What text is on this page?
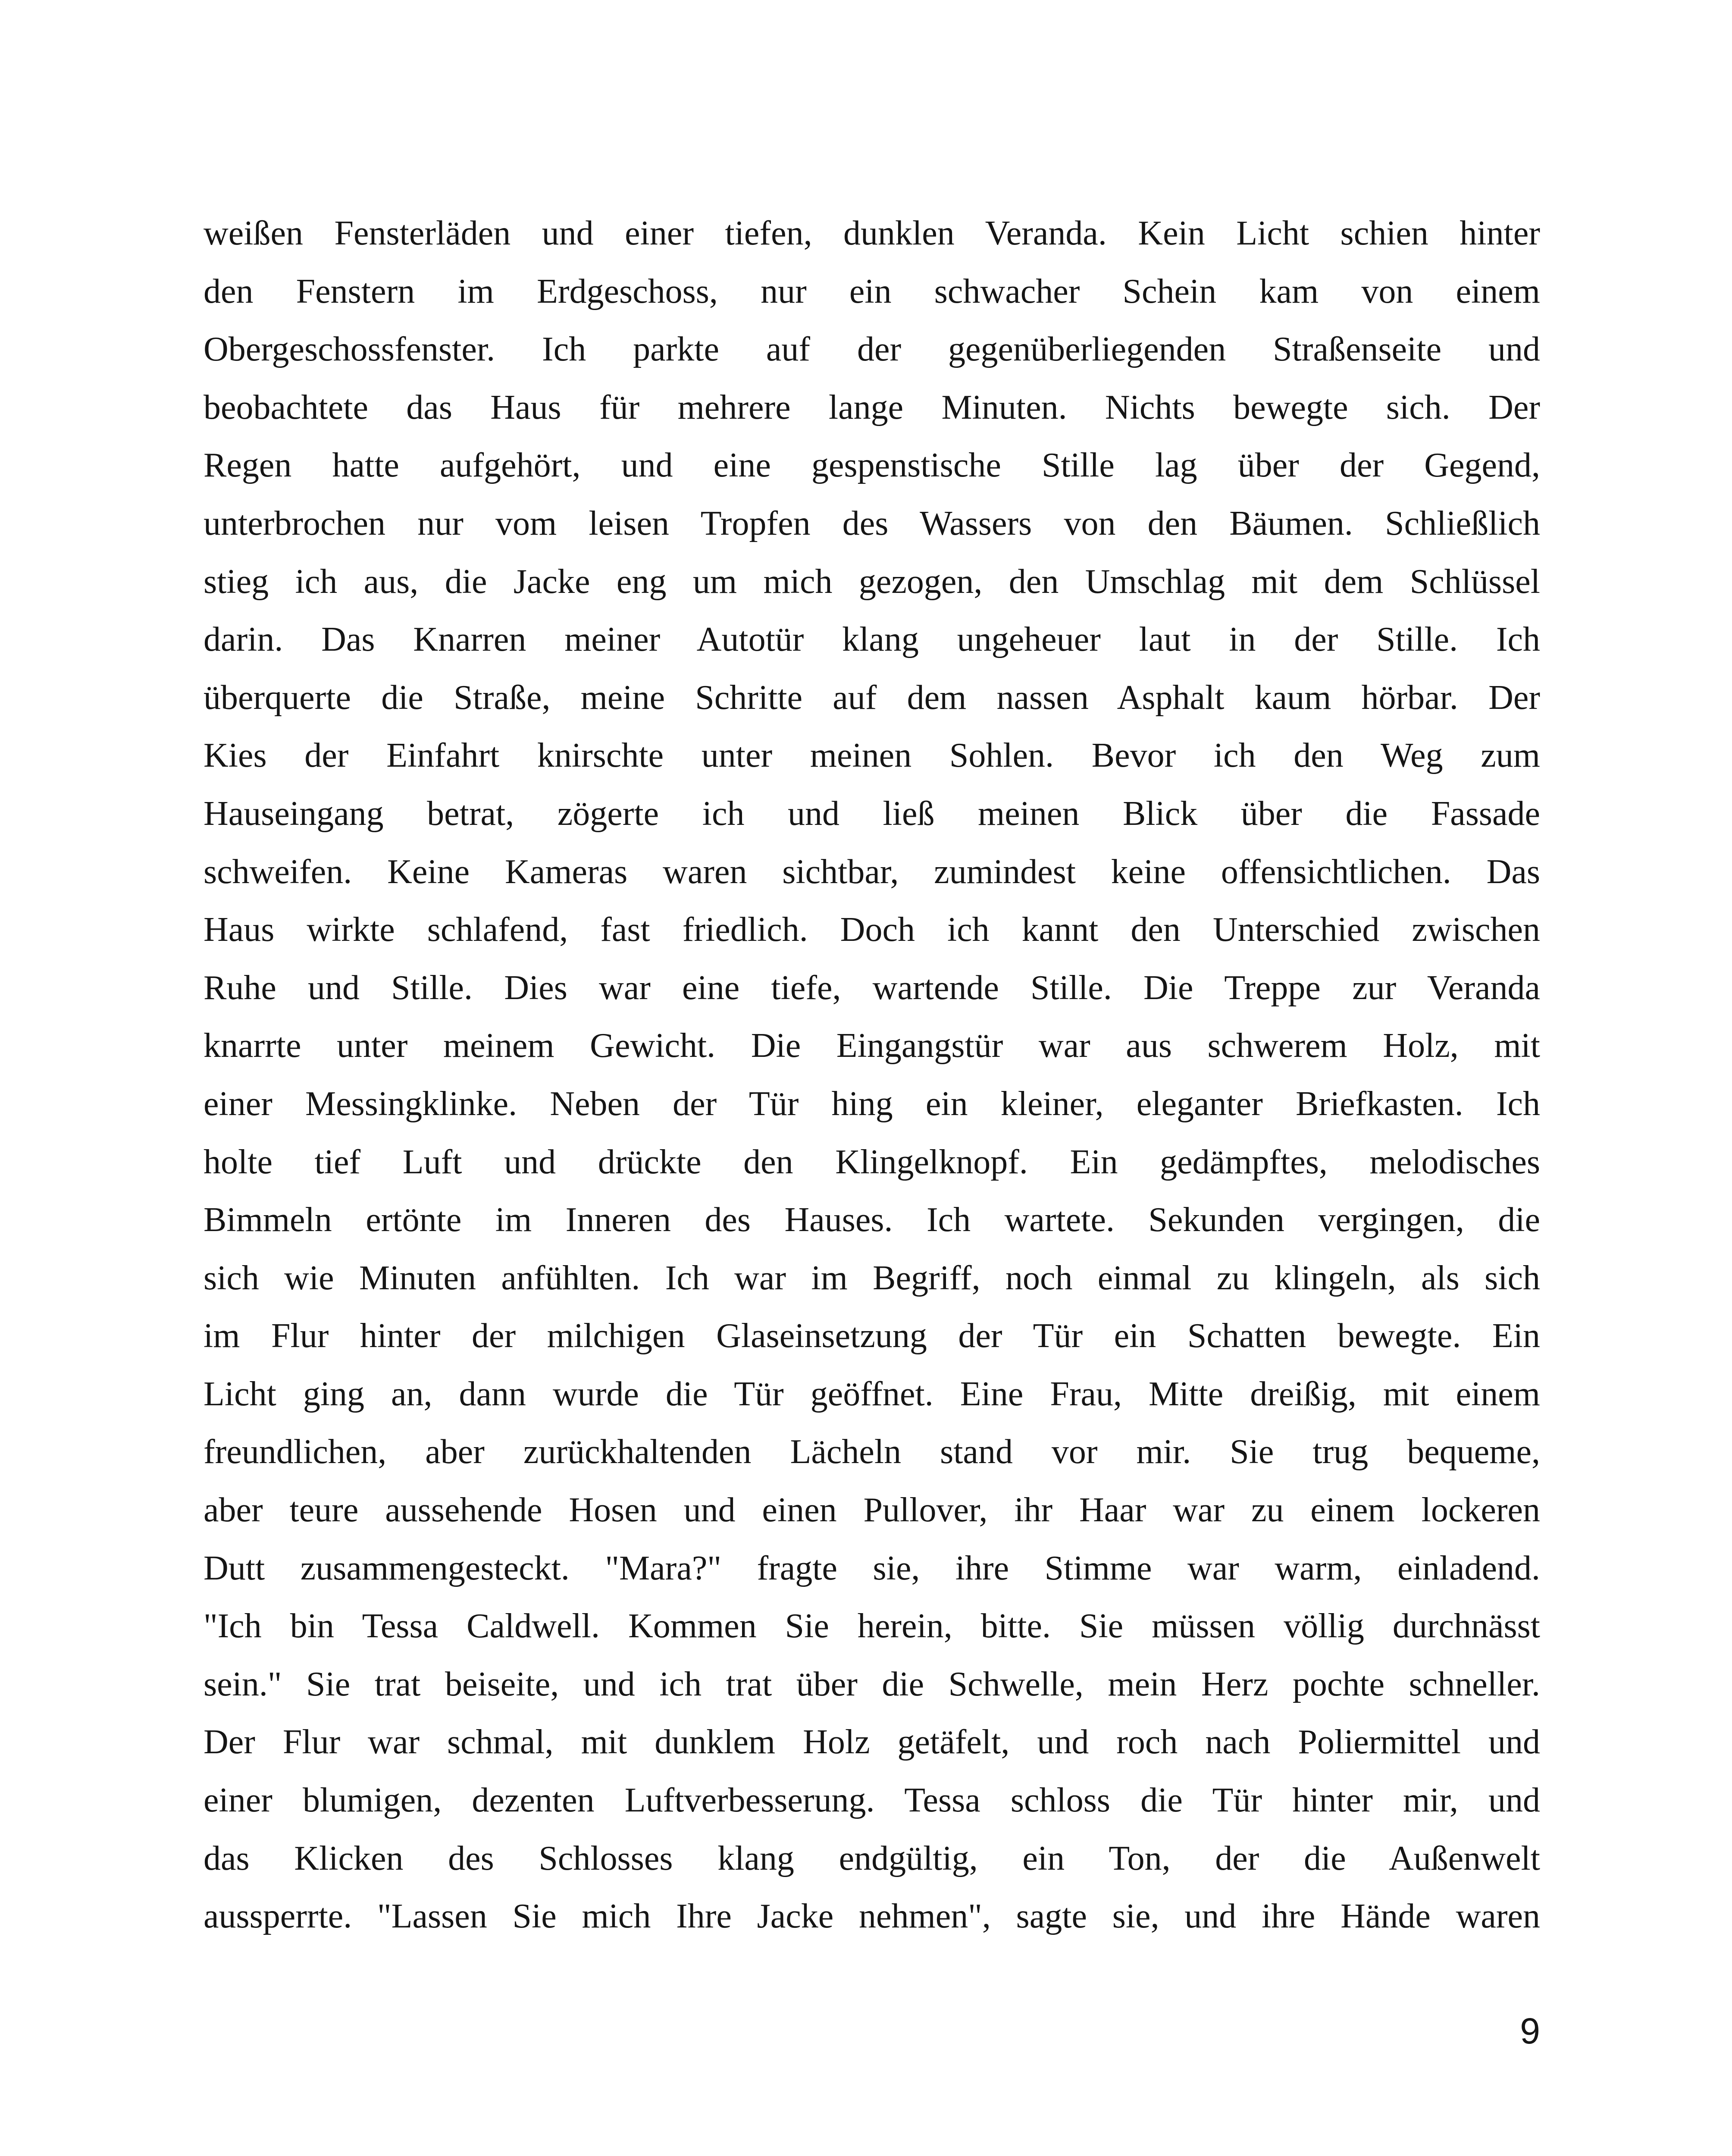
weißen Fensterläden und einer tiefen, dunklen Veranda. Kein Licht schien hinter
den Fenstern im Erdgeschoss, nur ein schwacher Schein kam von einem
Obergeschossfenster. Ich parkte auf der gegenüberliegenden Straßenseite und
beobachtete das Haus für mehrere lange Minuten. Nichts bewegte sich. Der
Regen hatte aufgehört, und eine gespenstische Stille lag über der Gegend,
unterbrochen nur vom leisen Tropfen des Wassers von den Bäumen. Schließlich
stieg ich aus, die Jacke eng um mich gezogen, den Umschlag mit dem Schlüssel
darin. Das Knarren meiner Autotür klang ungeheuer laut in der Stille. Ich
überquerte die Straße, meine Schritte auf dem nassen Asphalt kaum hörbar. Der
Kies der Einfahrt knirschte unter meinen Sohlen. Bevor ich den Weg zum
Hauseingang betrat, zögerte ich und ließ meinen Blick über die Fassade
schweifen. Keine Kameras waren sichtbar, zumindest keine offensichtlichen. Das
Haus wirkte schlafend, fast friedlich. Doch ich kannt den Unterschied zwischen
Ruhe und Stille. Dies war eine tiefe, wartende Stille. Die Treppe zur Veranda
knarrte unter meinem Gewicht. Die Eingangstür war aus schwerem Holz, mit
einer Messingklinke. Neben der Tür hing ein kleiner, eleganter Briefkasten. Ich
holte tief Luft und drückte den Klingelknopf. Ein gedämpftes, melodisches
Bimmeln ertönte im Inneren des Hauses. Ich wartete. Sekunden vergingen, die
sich wie Minuten anfühlten. Ich war im Begriff, noch einmal zu klingeln, als sich
im Flur hinter der milchigen Glaseinsetzung der Tür ein Schatten bewegte. Ein
Licht ging an, dann wurde die Tür geöffnet. Eine Frau, Mitte dreißig, mit einem
freundlichen, aber zurückhaltenden Lächeln stand vor mir. Sie trug bequeme,
aber teure aussehende Hosen und einen Pullover, ihr Haar war zu einem lockeren
Dutt zusammengesteckt. "Mara?" fragte sie, ihre Stimme war warm, einladend.
"Ich bin Tessa Caldwell. Kommen Sie herein, bitte. Sie müssen völlig durchnässt
sein." Sie trat beiseite, und ich trat über die Schwelle, mein Herz pochte schneller.
Der Flur war schmal, mit dunklem Holz getäfelt, und roch nach Poliermittel und
einer blumigen, dezenten Luftverbesserung. Tessa schloss die Tür hinter mir, und
das Klicken des Schlosses klang endgültig, ein Ton, der die Außenwelt
aussperrte. "Lassen Sie mich Ihre Jacke nehmen", sagte sie, und ihre Hände waren
9
